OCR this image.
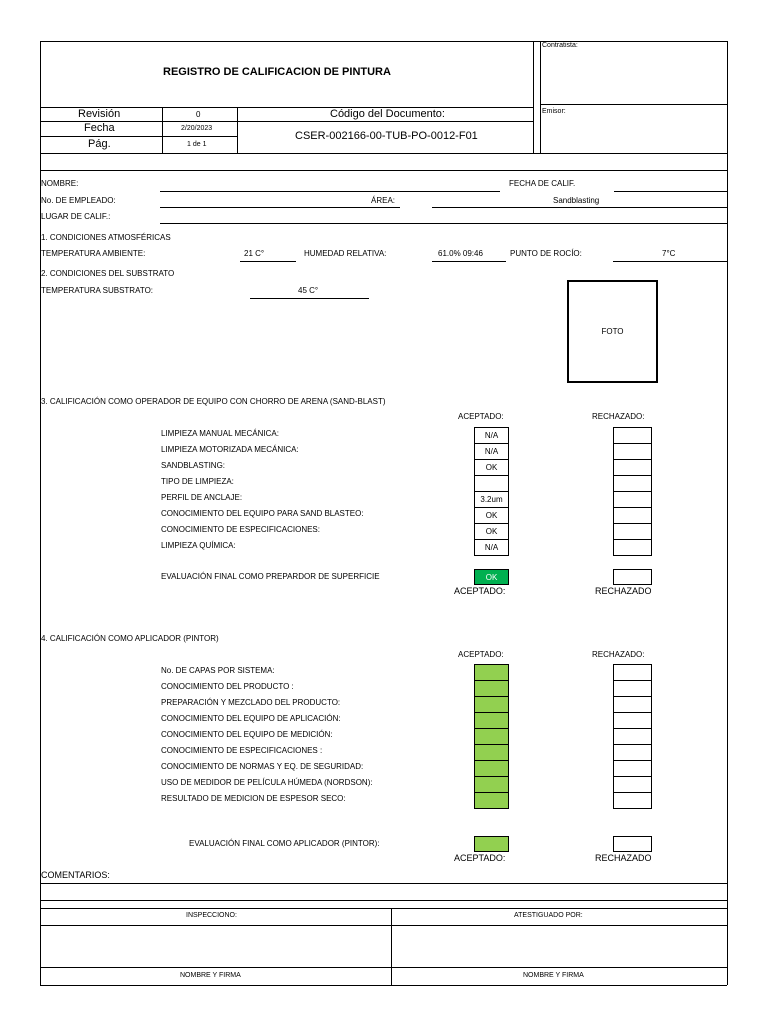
REGISTRO DE CALIFICACION DE PINTURA
Contratista:
Emisor:
Revisión	0	Código del Documento:
Fecha	2/20/2023
CSER-002166-00-TUB-PO-0012-F01
Pág.	1 de 1
NOMBRE:	FECHA DE CALIF.
No. DE EMPLEADO:	ÁREA:	Sandblasting
LUGAR DE CALIF.:
1. CONDICIONES ATMOSFÉRICAS
TEMPERATURA AMBIENTE:	21 C°	HUMEDAD RELATIVA:	61.0% 09:46	PUNTO DE ROCÍO:	7°C
2. CONDICIONES DEL SUBSTRATO
TEMPERATURA SUBSTRATO:	45 C°
FOTO
3. CALIFICACIÓN COMO OPERADOR DE EQUIPO CON CHORRO DE ARENA (SAND-BLAST)
ACEPTADO:	RECHAZADO:
LIMPIEZA MANUAL MECÁNICA:	N/A
LIMPIEZA MOTORIZADA MECÁNICA:	N/A
SANDBLASTING:	OK
TIPO DE LIMPIEZA:
PERFIL DE ANCLAJE:	3.2um
CONOCIMIENTO DEL EQUIPO PARA SAND BLASTEO:	OK
CONOCIMIENTO DE ESPECIFICACIONES:	OK
LIMPIEZA QUÍMICA:	N/A
EVALUACIÓN FINAL COMO PREPARDOR DE SUPERFICIE	OK
ACEPTADO:	RECHAZADO
4. CALIFICACIÓN COMO APLICADOR (PINTOR)
ACEPTADO:	RECHAZADO:
No. DE CAPAS POR SISTEMA:
CONOCIMIENTO DEL PRODUCTO :
PREPARACIÓN Y MEZCLADO DEL PRODUCTO:
CONOCIMIENTO DEL EQUIPO DE APLICACIÓN:
CONOCIMIENTO DEL EQUIPO DE MEDICIÓN:
CONOCIMIENTO DE ESPECIFICACIONES :
CONOCIMIENTO DE NORMAS Y EQ. DE SEGURIDAD:
USO DE MEDIDOR DE PELÍCULA HÚMEDA (NORDSON):
RESULTADO DE MEDICION DE ESPESOR SECO:
EVALUACIÓN FINAL COMO APLICADOR (PINTOR):
ACEPTADO:	RECHAZADO
COMENTARIOS:
INSPECCIONO:	ATESTIGUADO POR:
NOMBRE Y FIRMA	NOMBRE Y FIRMA
